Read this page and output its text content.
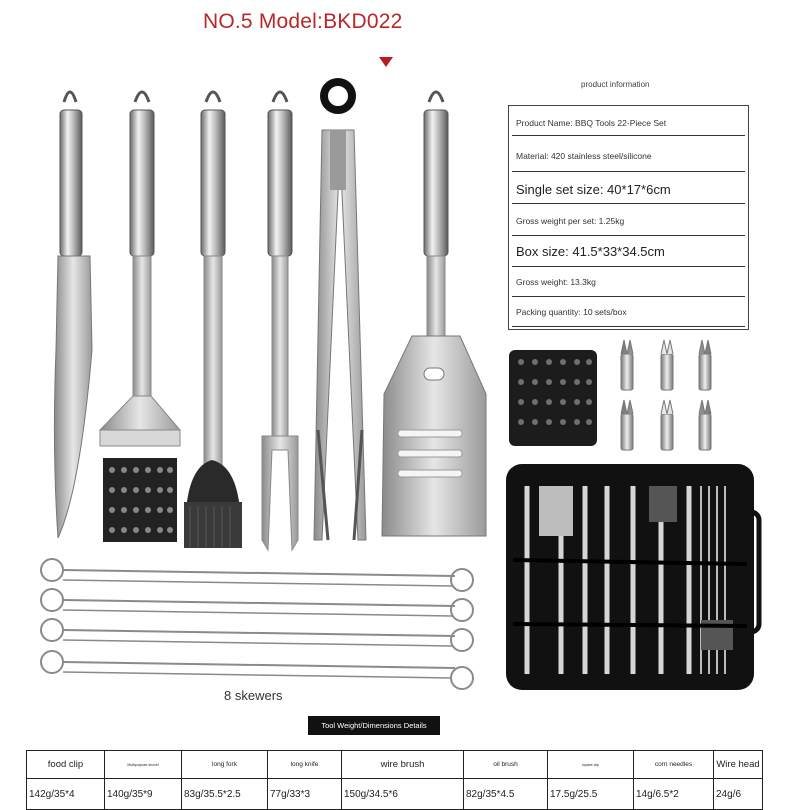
NO.5 Model:BKD022
product information
Product Name: BBQ Tools 22-Piece Set
Material: 420 stainless steel/silicone
Single set size: 40*17*6cm
Gross weight per set: 1.25kg
Box size: 41.5*33*34.5cm
Gross weight: 13.3kg
Packing quantity: 10 sets/box
8 skewers
Tool Weight/Dimensions Details
food clip	Multipurpose shovel	long fork	long knife	wire brush	oil brush	square clip	corn needles	Wire head
142g/35*4	140g/35*9	83g/35.5*2.5	77g/33*3	150g/34.5*6	82g/35*4.5	17.5g/25.5	14g/6.5*2	24g/6
